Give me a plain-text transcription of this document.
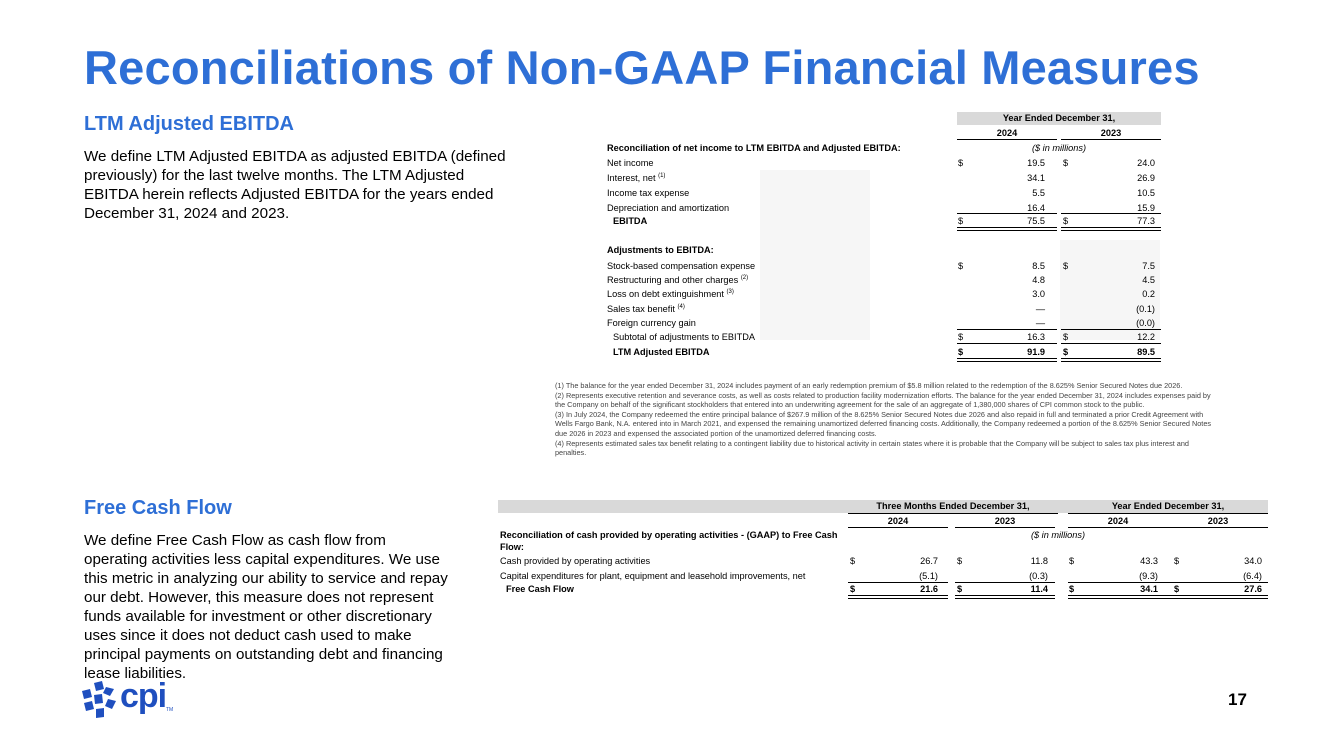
Reconciliations of Non-GAAP Financial Measures
LTM Adjusted EBITDA
We define LTM Adjusted EBITDA as adjusted EBITDA (defined previously) for the last twelve months. The LTM Adjusted EBITDA herein reflects Adjusted EBITDA for the years ended December 31, 2024 and 2023.
Year Ended December 31,
2024	2023
Reconciliation of net income to LTM EBITDA and Adjusted EBITDA:	($ in millions)
Net income	$	19.5 $	24.0
Interest, net $^{(1)}$	34.1	26.9
Income tax expense	5.5	10.5
Depreciation and amortization	16.4	15.9
EBITDA	$	75.5 $	77.3
Adjustments to EBITDA:
Stock-based compensation expense	$	8.5 $	7.5
Restructuring and other charges $^{(2)}$	4.8	4.5
Loss on debt extinguishment $^{(3)}$	3.0	0.2
Sales tax benefit $^{(4)}$	—	(0.1)
Foreign currency gain	—	(0.0)
Subtotal of adjustments to EBITDA	$	16.3 $	12.2
LTM Adjusted EBITDA	$	91.9 $	89.5

(1) The balance for the year ended December 31, 2024 includes payment of an early redemption premium of $5.8 million related to the redemption of the 8.625% Senior Secured Notes due 2026.

(2) Represents executive retention and severance costs, as well as costs related to production facility modernization efforts. The balance for the year ended December 31, 2024 includes expenses paid by the Company on behalf of the significant stockholders that entered into an underwriting agreement for the sale of an aggregate of 1,380,000 shares of CPI common stock to the public.

(3) In July 2024, the Company redeemed the entire principal balance of $267.9 million of the 8.625% Senior Secured Notes due 2026 and also repaid in full and terminated a prior Credit Agreement with Wells Fargo Bank, N.A. entered into in March 2021, and expensed the remaining unamortized deferred financing costs. Additionally, the Company redeemed a portion of the 8.625% Senior Secured Notes due 2026 in 2023 and expensed the associated portion of the unamortized deferred financing costs.

(4) Represents estimated sales tax benefit relating to a contingent liability due to historical activity in certain states where it is probable that the Company will be subject to sales tax plus interest and penalties.

Free Cash Flow
We define Free Cash Flow as cash flow from operating activities less capital expenditures. We use this metric in analyzing our ability to service and repay our debt. However, this measure does not represent funds available for investment or other discretionary uses since it does not deduct cash used to make principal payments on outstanding debt and financing lease liabilities.
Three Months Ended December 31,	Year Ended December 31,
2024	2023	2024	2023
Reconciliation of cash provided by operating activities - (GAAP) to Free Cash Flow:
($ in millions)
Cash provided by operating activities	$	26.7 $	11.8 $	43.3 $	34.0
Capital expenditures for plant, equipment and leasehold improvements, net	(5.1)	(0.3)	(9.3)	(6.4)
Free Cash Flow	$	21.6 $	11.4 $	34.1 $	27.6
cpi TM
17
